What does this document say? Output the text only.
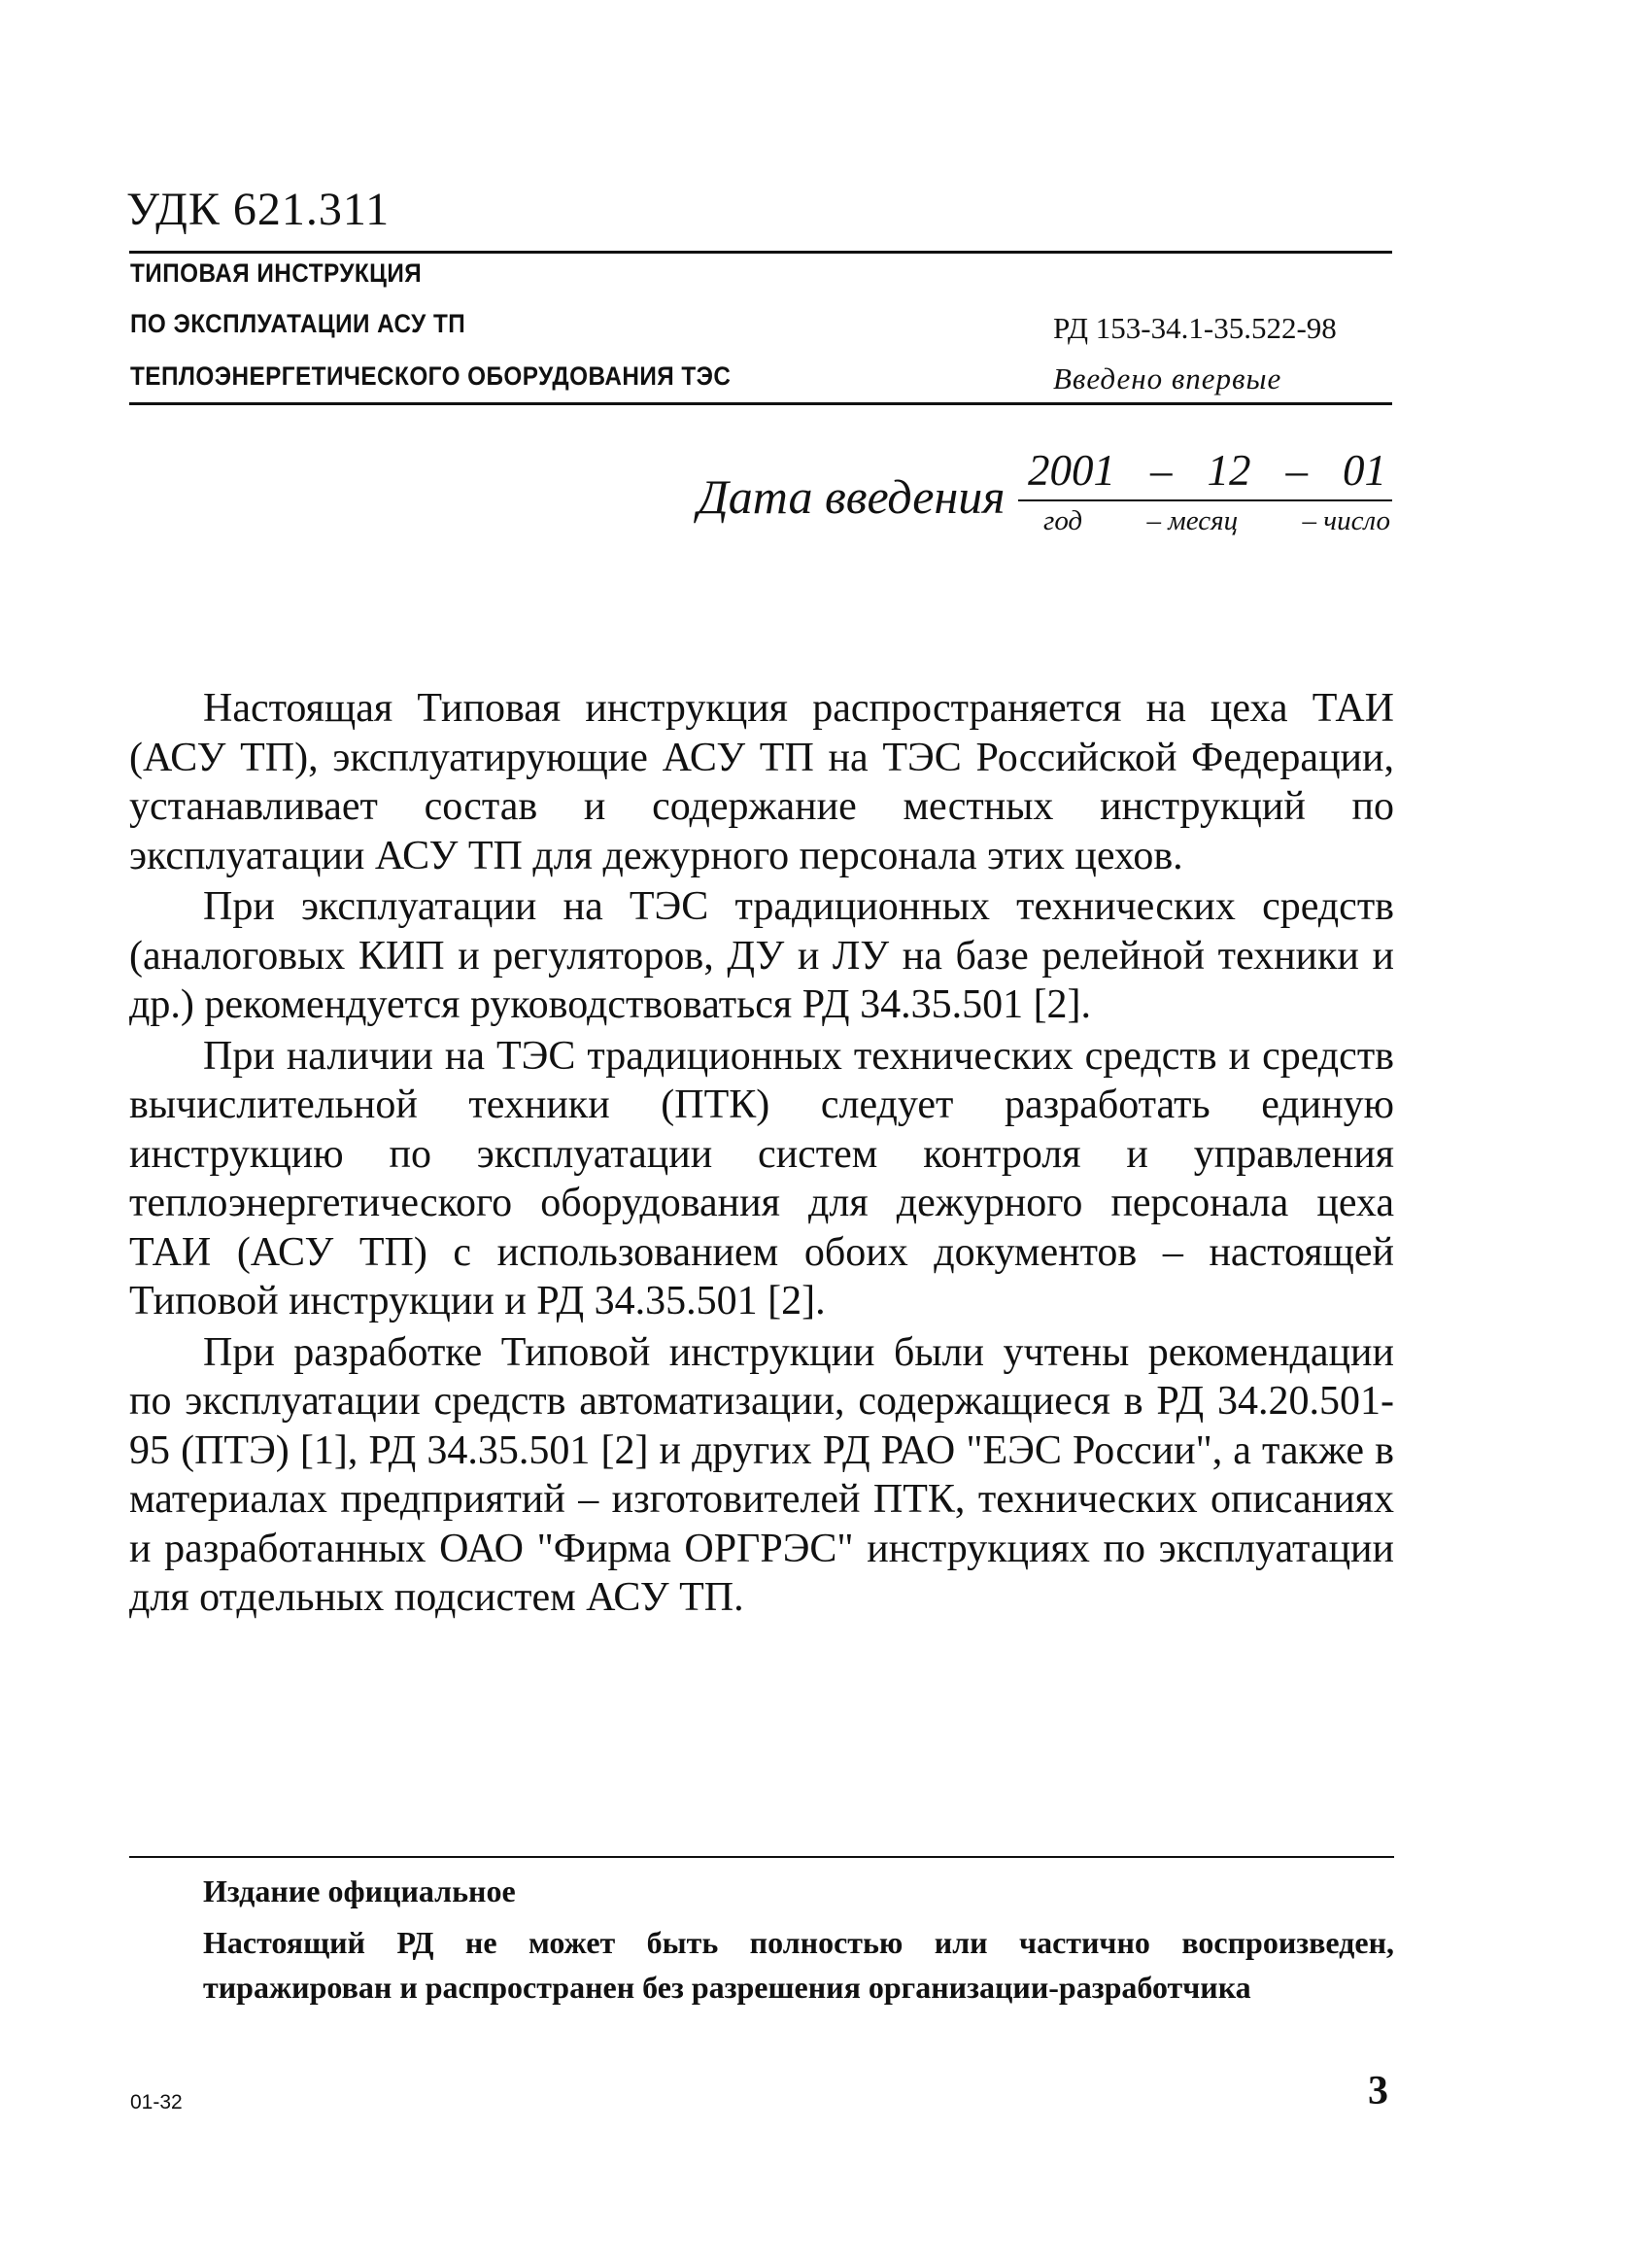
УДК 621.311
ТИПОВАЯ ИНСТРУКЦИЯ
ПО ЭКСПЛУАТАЦИИ АСУ ТП
ТЕПЛОЭНЕРГЕТИЧЕСКОГО ОБОРУДОВАНИЯ ТЭС
РД 153-34.1-35.522-98
Введено впервые
Дата введения 2001 – 12 – 01
год – месяц – число

Настоящая Типовая инструкция распространяется на цеха ТАИ (АСУ ТП), эксплуатирующие АСУ ТП на ТЭС Российской Федерации, устанавливает состав и содержание местных инструкций по эксплуатации АСУ ТП для дежурного персонала этих цехов.

При эксплуатации на ТЭС традиционных технических средств (аналоговых КИП и регуляторов, ДУ и ЛУ на базе релейной техники и др.) рекомендуется руководствоваться РД 34.35.501 [2].

При наличии на ТЭС традиционных технических средств и средств вычислительной техники (ПТК) следует разработать единую инструкцию по эксплуатации систем контроля и управления теплоэнергетического оборудования для дежурного персонала цеха ТАИ (АСУ ТП) с использованием обоих документов – настоящей Типовой инструкции и РД 34.35.501 [2].

При разработке Типовой инструкции были учтены рекомендации по эксплуатации средств автоматизации, содержащиеся в РД 34.20.501-95 (ПТЭ) [1], РД 34.35.501 [2] и других РД РАО "ЕЭС России", а также в материалах предприятий – изготовителей ПТК, технических описаниях и разработанных ОАО "Фирма ОРГРЭС" инструкциях по эксплуатации для отдельных подсистем АСУ ТП.

Издание официальное
Настоящий РД не может быть полностью или частично воспроизведен, тиражирован и распространен без разрешения организации-разработчика
01-32	3
